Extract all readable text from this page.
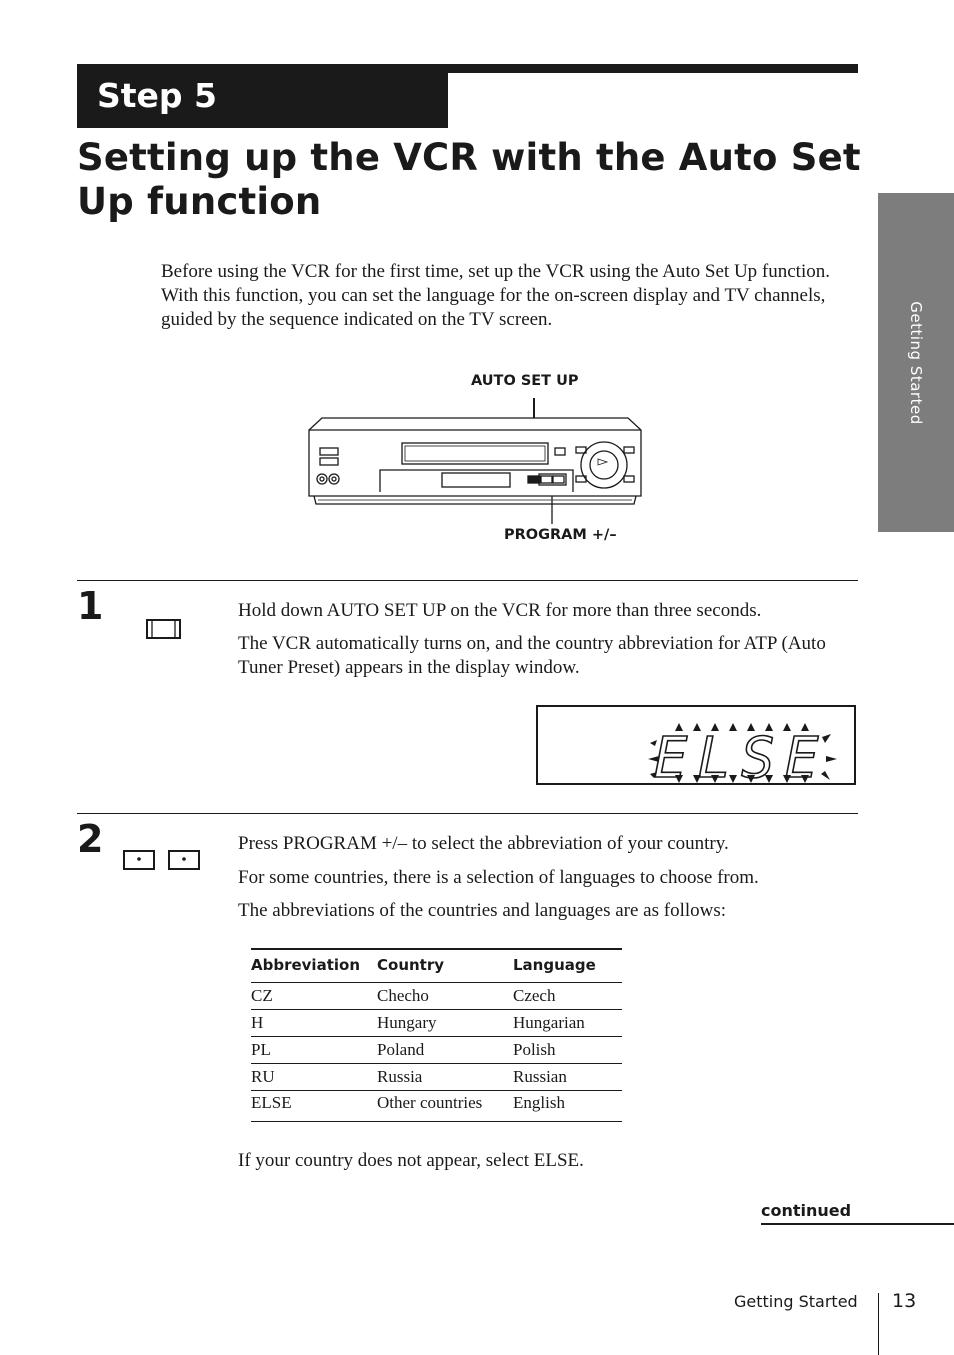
Step 5
Setting up the VCR with the Auto Set Up function
Getting Started
Before using the VCR for the first time, set up the VCR using the Auto Set Up function. With this function, you can set the language for the on-screen display and TV channels, guided by the sequence indicated on the TV screen.
AUTO SET UP
PROGRAM +/–
1	Hold down AUTO SET UP on the VCR for more than three seconds.
The VCR automatically turns on, and the country abbreviation for ATP (Auto Tuner Preset) appears in the display window.
ELSE
2	Press PROGRAM +/– to select the abbreviation of your country.
For some countries, there is a selection of languages to choose from.
The abbreviations of the countries and languages are as follows:
Abbreviation	Country	Language
CZ	Checho	Czech
H	Hungary	Hungarian
PL	Poland	Polish
RU	Russia	Russian
ELSE	Other countries	English
If your country does not appear, select ELSE.
continued
Getting Started 13
